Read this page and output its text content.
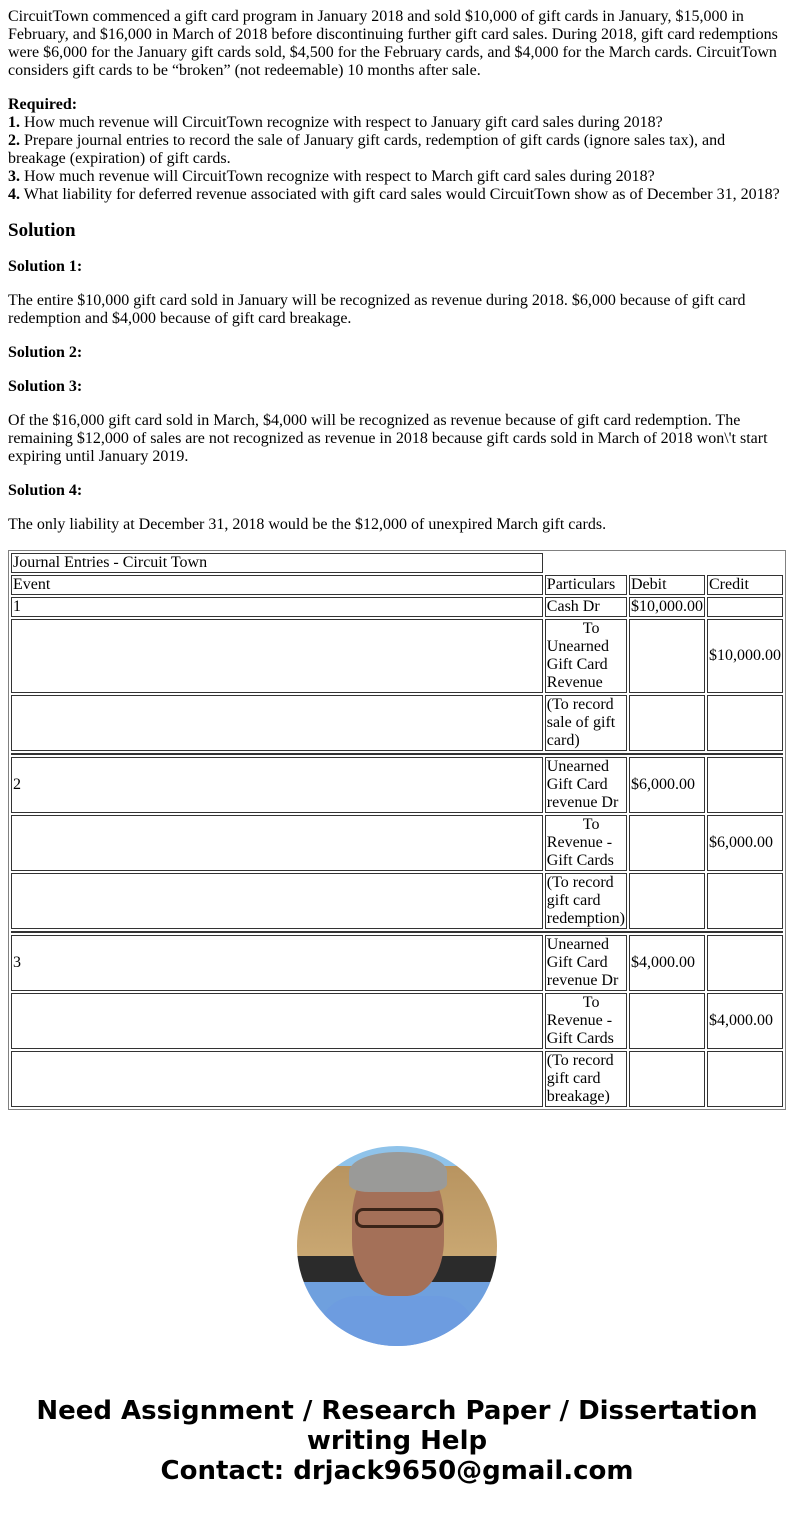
CircuitTown commenced a gift card program in January 2018 and sold $10,000 of gift cards in January, $15,000 in February, and $16,000 in March of 2018 before discontinuing further gift card sales. During 2018, gift card redemptions were $6,000 for the January gift cards sold, $4,500 for the February cards, and $4,000 for the March cards. CircuitTown considers gift cards to be “broken” (not redeemable) 10 months after sale.

Required:

1. How much revenue will CircuitTown recognize with respect to January gift card sales during 2018?
2. Prepare journal entries to record the sale of January gift cards, redemption of gift cards (ignore sales tax), and breakage (expiration) of gift cards.
3. How much revenue will CircuitTown recognize with respect to March gift card sales during 2018?
4. What liability for deferred revenue associated with gift card sales would CircuitTown show as of December 31, 2018?
Solution

Solution 1:

The entire $10,000 gift card sold in January will be recognized as revenue during 2018. $6,000 because of gift card redemption and $4,000 because of gift card breakage.

Solution 2:

Solution 3:

Of the $16,000 gift card sold in March, $4,000 will be recognized as revenue because of gift card redemption. The remaining $12,000 of sales are not recognized as revenue in 2018 because gift cards sold in March of 2018 won\'t start expiring until January 2019.

Solution 4:

The only liability at December 31, 2018 would be the $12,000 of unexpired March gift cards.

Journal Entries - Circuit Town			
Event	Particulars	Debit	Credit
1	Cash Dr	$10,000.00	
	To Unearned Gift Card Revenue		$10,000.00
	(To record sale of gift card)		

2	Unearned Gift Card revenue Dr	$6,000.00	
	To Revenue - Gift Cards		$6,000.00
	(To record gift card redemption)		

3	Unearned Gift Card revenue Dr	$4,000.00	
	To Revenue - Gift Cards		$4,000.00
	(To record gift card breakage)		
Need Assignment / Research Paper / Dissertation writing Help
Contact: drjack9650@gmail.com
